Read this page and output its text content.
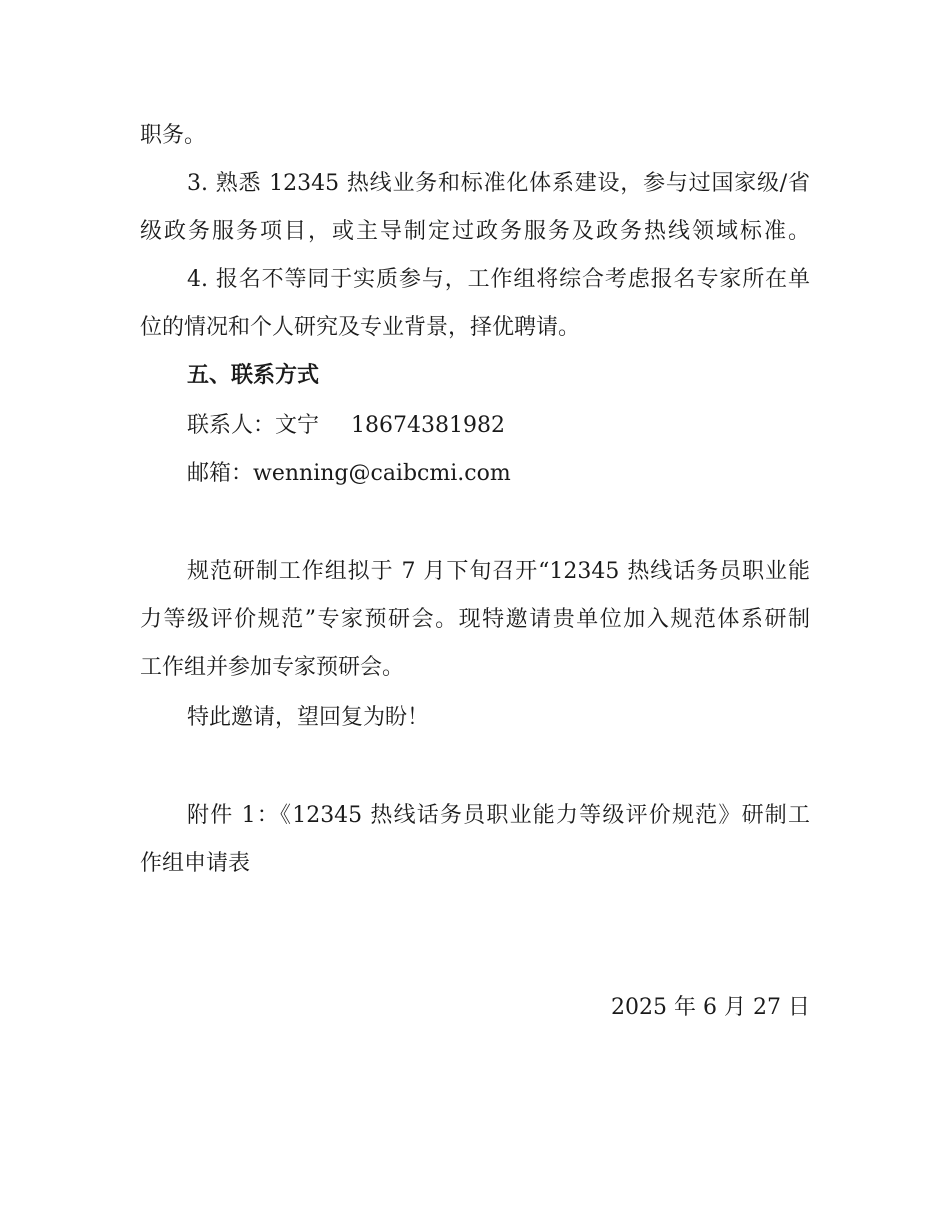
职务。
3. 熟悉 12345 热线业务和标准化体系建设，参与过国家级/省
级政务服务项目，或主导制定过政务服务及政务热线领域标准。
4. 报名不等同于实质参与，工作组将综合考虑报名专家所在单
位的情况和个人研究及专业背景，择优聘请。
五、联系方式
联系人：文宁 18674381982
邮箱：wenning@caibcmi.com
规范研制工作组拟于 7 月下旬召开“12345 热线话务员职业能
力等级评价规范”专家预研会。现特邀请贵单位加入规范体系研制
工作组并参加专家预研会。
特此邀请，望回复为盼！
附件 1：《12345 热线话务员职业能力等级评价规范》研制工
作组申请表
2025 年 6 月 27 日
